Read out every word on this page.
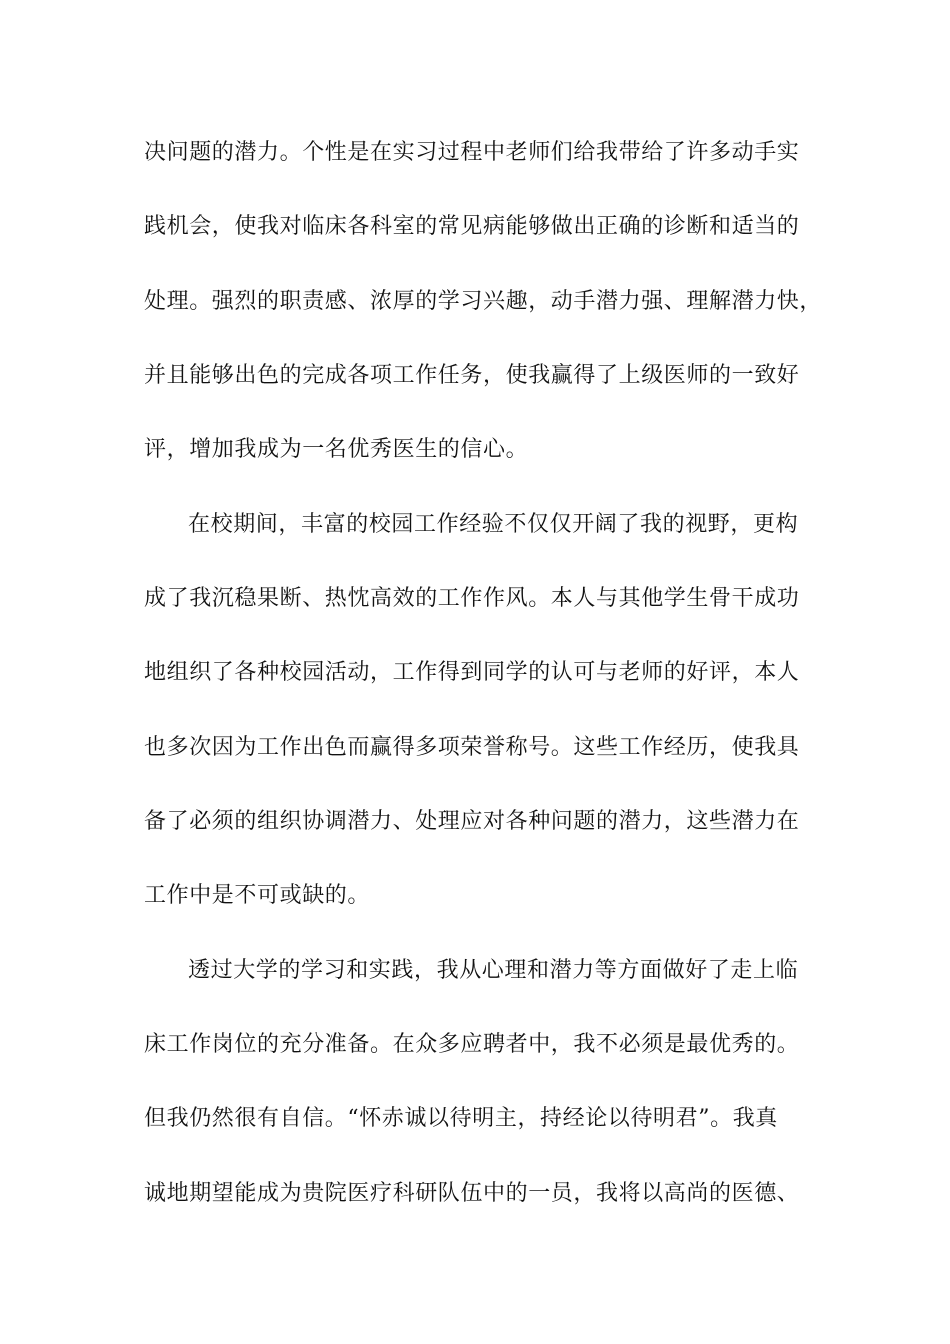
决问题的潜力。个性是在实习过程中老师们给我带给了许多动手实
践机会，使我对临床各科室的常见病能够做出正确的诊断和适当的
处理。强烈的职责感、浓厚的学习兴趣，动手潜力强、理解潜力快，
并且能够出色的完成各项工作任务，使我赢得了上级医师的一致好
评，增加我成为一名优秀医生的信心。
在校期间，丰富的校园工作经验不仅仅开阔了我的视野，更构
成了我沉稳果断、热忱高效的工作作风。本人与其他学生骨干成功
地组织了各种校园活动，工作得到同学的认可与老师的好评，本人
也多次因为工作出色而赢得多项荣誉称号。这些工作经历，使我具
备了必须的组织协调潜力、处理应对各种问题的潜力，这些潜力在
工作中是不可或缺的。
透过大学的学习和实践，我从心理和潜力等方面做好了走上临
床工作岗位的充分准备。在众多应聘者中，我不必须是最优秀的。
但我仍然很有自信。“怀赤诚以待明主，持经论以待明君”。我真
诚地期望能成为贵院医疗科研队伍中的一员，我将以高尚的医德、
